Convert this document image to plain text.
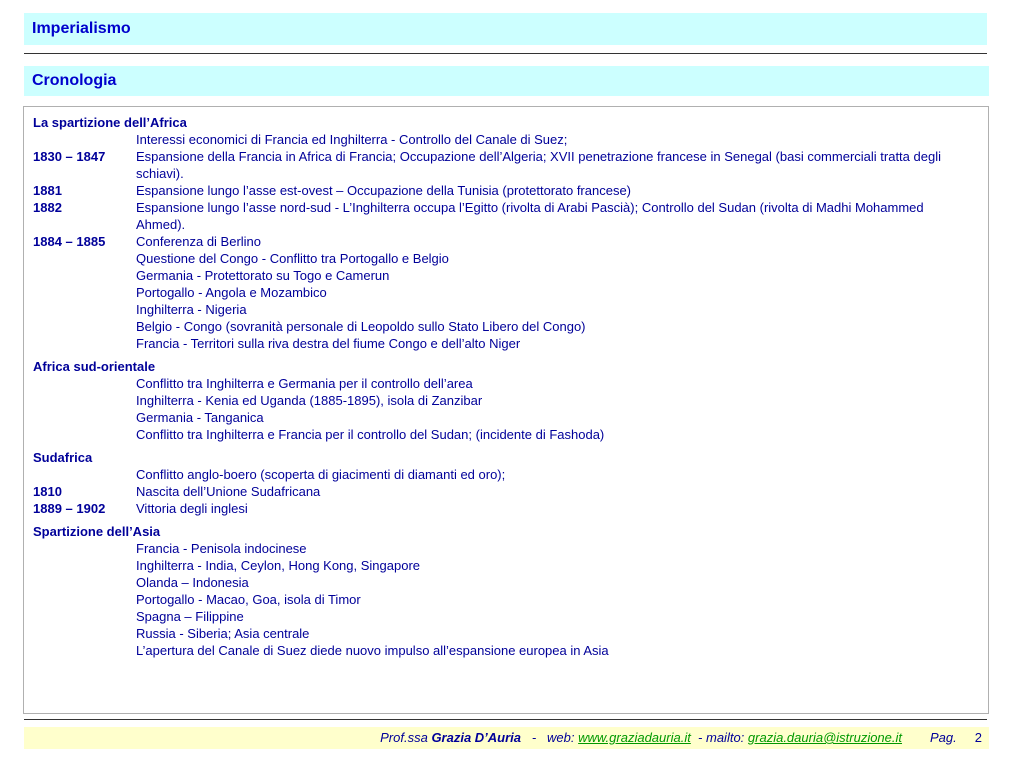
Imperialismo
Cronologia
La spartizione dell’Africa
Interessi economici di Francia ed Inghilterra - Controllo del Canale di Suez;
1830 – 1847	Espansione della Francia in Africa di Francia; Occupazione dell’Algeria; XVII penetrazione francese in Senegal (basi commerciali tratta degli schiavi).
1881	Espansione lungo l’asse est-ovest – Occupazione della Tunisia (protettorato francese)
1882	Espansione lungo l’asse nord-sud - L’Inghilterra occupa l’Egitto (rivolta di Arabi Pascià); Controllo del Sudan (rivolta di Madhi Mohammed Ahmed).
1884 – 1885	Conferenza di Berlino
Questione del Congo - Conflitto tra Portogallo e Belgio
Germania - Protettorato su Togo e Camerun
Portogallo - Angola e Mozambico
Inghilterra - Nigeria
Belgio - Congo (sovranità personale di Leopoldo sullo Stato Libero del Congo)
Francia - Territori sulla riva destra del fiume Congo e dell’alto Niger
Africa sud-orientale
Conflitto tra Inghilterra e Germania per il controllo dell’area
Inghilterra - Kenia ed Uganda (1885-1895), isola di Zanzibar
Germania - Tanganica
Conflitto tra Inghilterra e Francia per il controllo del Sudan; (incidente di Fashoda)
Sudafrica
Conflitto anglo-boero (scoperta di giacimenti di diamanti ed oro);
1810	Nascita dell’Unione Sudafricana
1889 – 1902	Vittoria degli inglesi
Spartizione dell’Asia
Francia - Penisola indocinese
Inghilterra - India, Ceylon, Hong Kong, Singapore
Olanda – Indonesia
Portogallo - Macao, Goa, isola di Timor
Spagna – Filippine
Russia - Siberia; Asia centrale
L’apertura del Canale di Suez diede nuovo impulso all’espansione europea in Asia
Prof.ssa Grazia D’Auria   -   web: www.graziadauria.it  - mailto: grazia.dauria@istruzione.it Pag. 2
